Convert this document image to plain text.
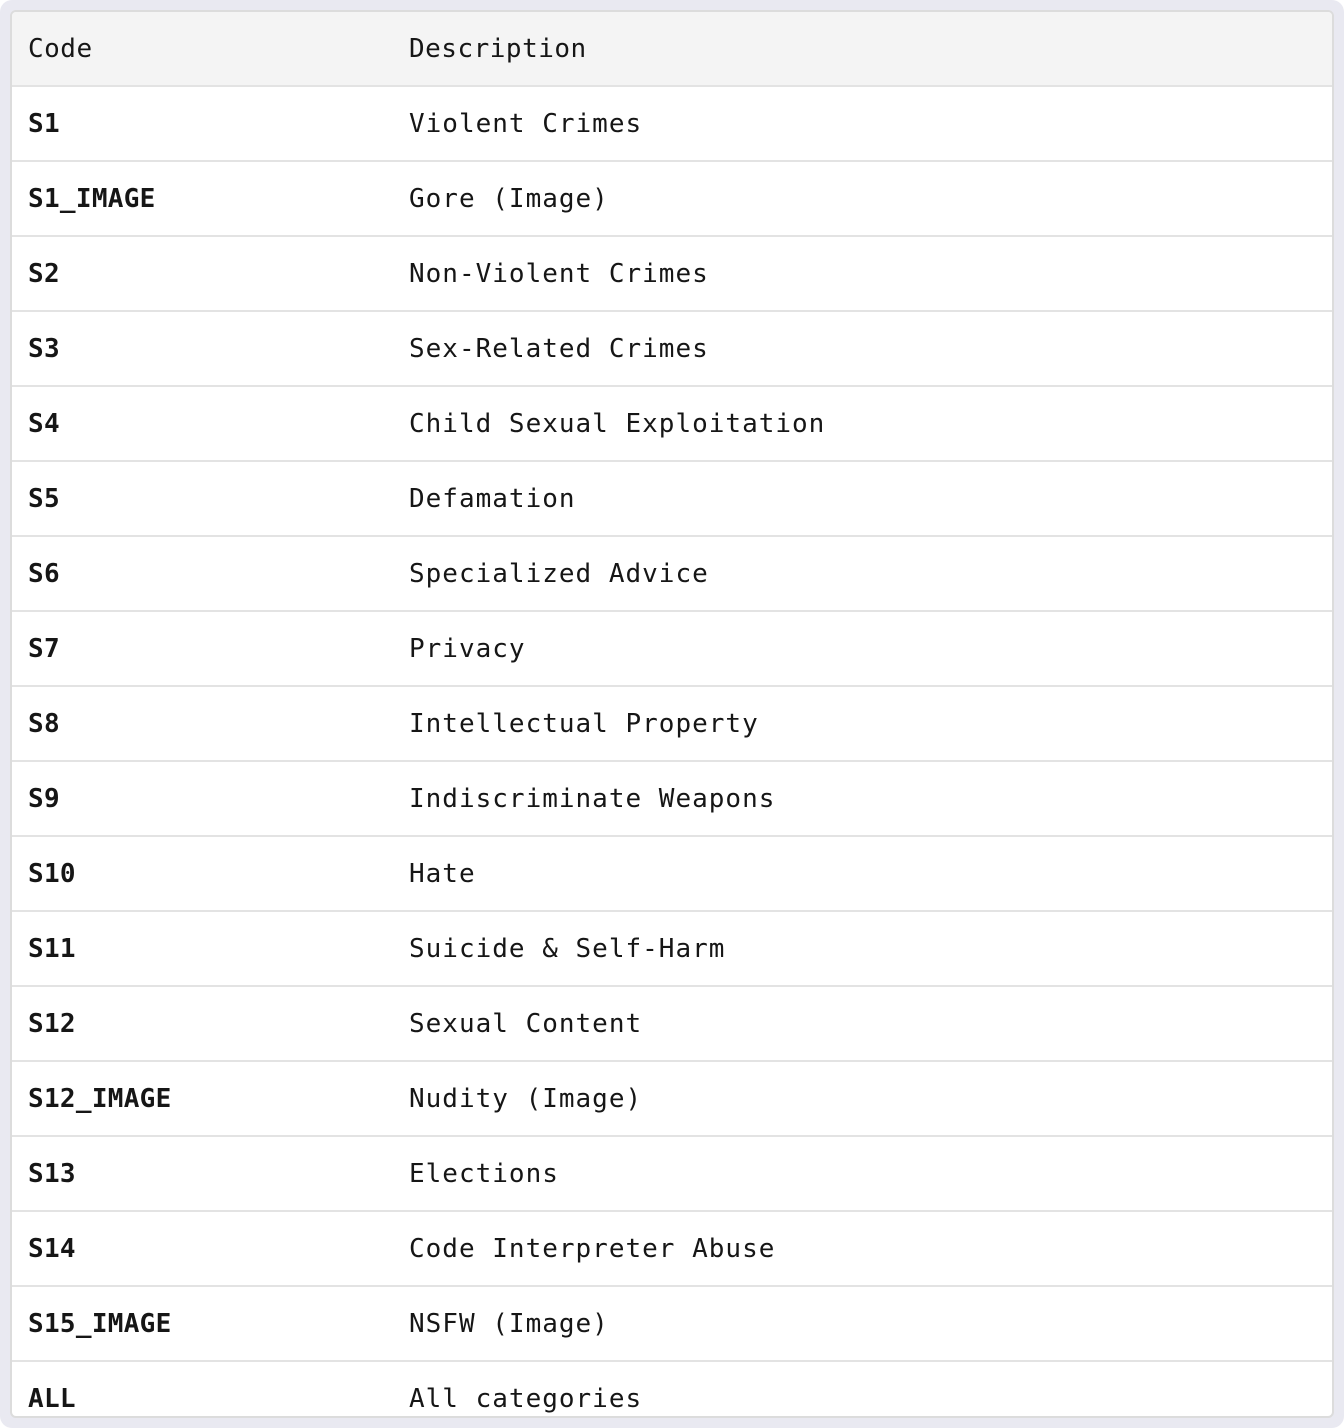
Code	Description
S1	Violent Crimes
S1_IMAGE	Gore (Image)
S2	Non-Violent Crimes
S3	Sex-Related Crimes
S4	Child Sexual Exploitation
S5	Defamation
S6	Specialized Advice
S7	Privacy
S8	Intellectual Property
S9	Indiscriminate Weapons
S10	Hate
S11	Suicide & Self-Harm
S12	Sexual Content
S12_IMAGE	Nudity (Image)
S13	Elections
S14	Code Interpreter Abuse
S15_IMAGE	NSFW (Image)
ALL	All categories
